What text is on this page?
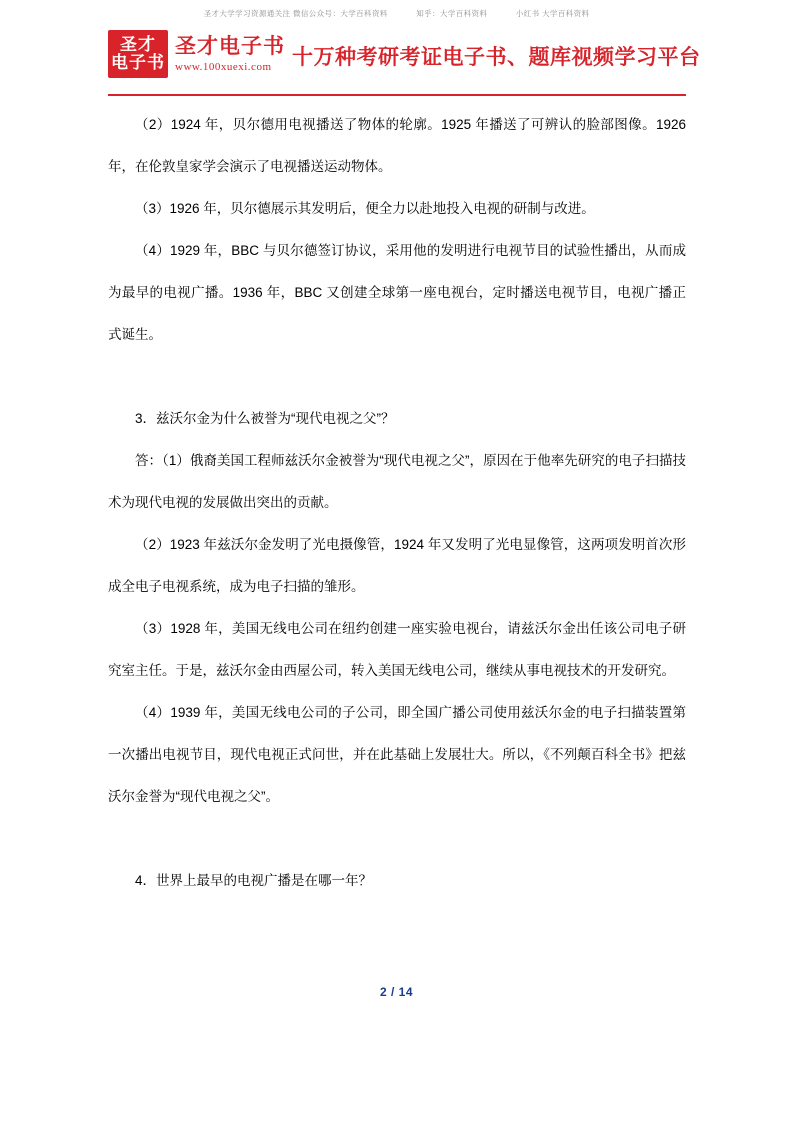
圣才大学学习资源通关注 微信公众号：大学百科资料	知乎：大学百科资料	小红书 大学百科资料
圣才
电子书
圣才电子书
www.100xuexi.com 十万种考研考证电子书、题库视频学习平台

（2）1924 年，贝尔德用电视播送了物体的轮廓。1925 年播送了可辨认的脸部图像。1926 年，在伦敦皇家学会演示了电视播送运动物体。

（3）1926 年，贝尔德展示其发明后，便全力以赴地投入电视的研制与改进。

（4）1929 年，BBC 与贝尔德签订协议，采用他的发明进行电视节目的试验性播出，从而成为最早的电视广播。1936 年，BBC 又创建全球第一座电视台，定时播送电视节目，电视广播正式诞生。

3．兹沃尔金为什么被誉为“现代电视之父”？

答：（1）俄裔美国工程师兹沃尔金被誉为“现代电视之父”，原因在于他率先研究的电子扫描技术为现代电视的发展做出突出的贡献。

（2）1923 年兹沃尔金发明了光电摄像管，1924 年又发明了光电显像管，这两项发明首次形成全电子电视系统，成为电子扫描的雏形。

（3）1928 年，美国无线电公司在纽约创建一座实验电视台，请兹沃尔金出任该公司电子研究室主任。于是，兹沃尔金由西屋公司，转入美国无线电公司，继续从事电视技术的开发研究。

（4）1939 年，美国无线电公司的子公司，即全国广播公司使用兹沃尔金的电子扫描装置第一次播出电视节目，现代电视正式问世，并在此基础上发展壮大。所以，《不列颠百科全书》把兹沃尔金誉为“现代电视之父”。

4．世界上最早的电视广播是在哪一年？

2 / 14
